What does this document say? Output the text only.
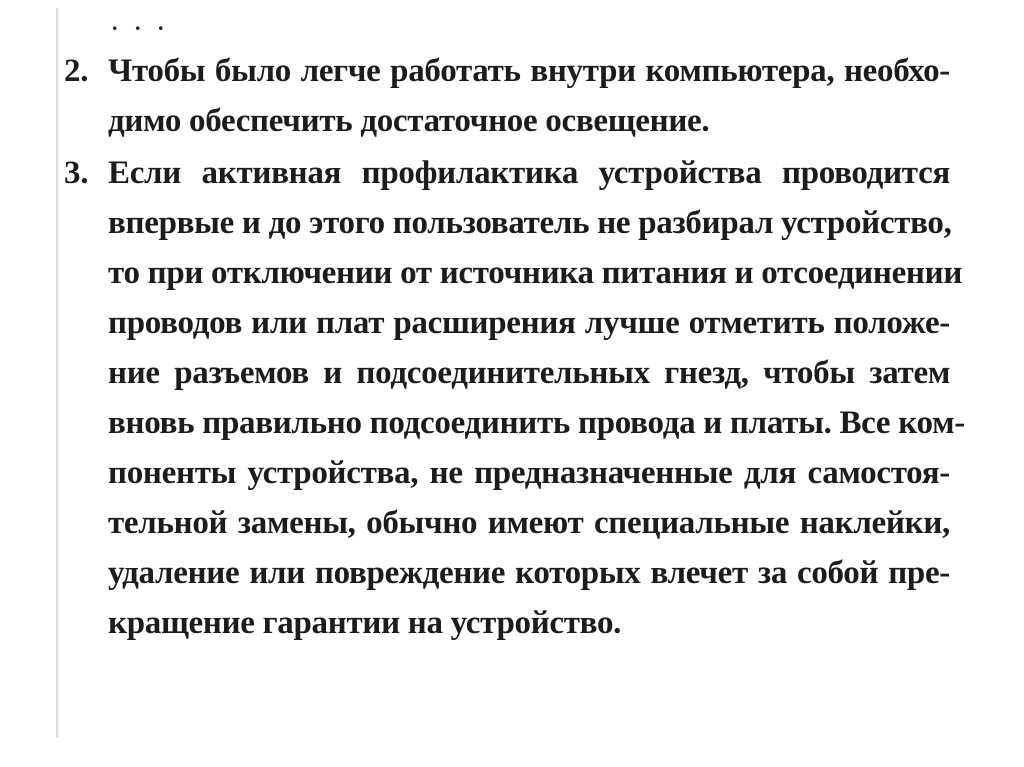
. . .
2. Чтобы было легче работать внутри компьютера, необхо-
димо обеспечить достаточное освещение.
3. Если активная профилактика устройства проводится
впервые и до этого пользователь не разбирал устройство,
то при отключении от источника питания и отсоединении
проводов или плат расширения лучше отметить положе-
ние разъемов и подсоединительных гнезд, чтобы затем
вновь правильно подсоединить провода и платы. Все ком-
поненты устройства, не предназначенные для самостоя-
тельной замены, обычно имеют специальные наклейки,
удаление или повреждение которых влечет за собой пре-
кращение гарантии на устройство.
